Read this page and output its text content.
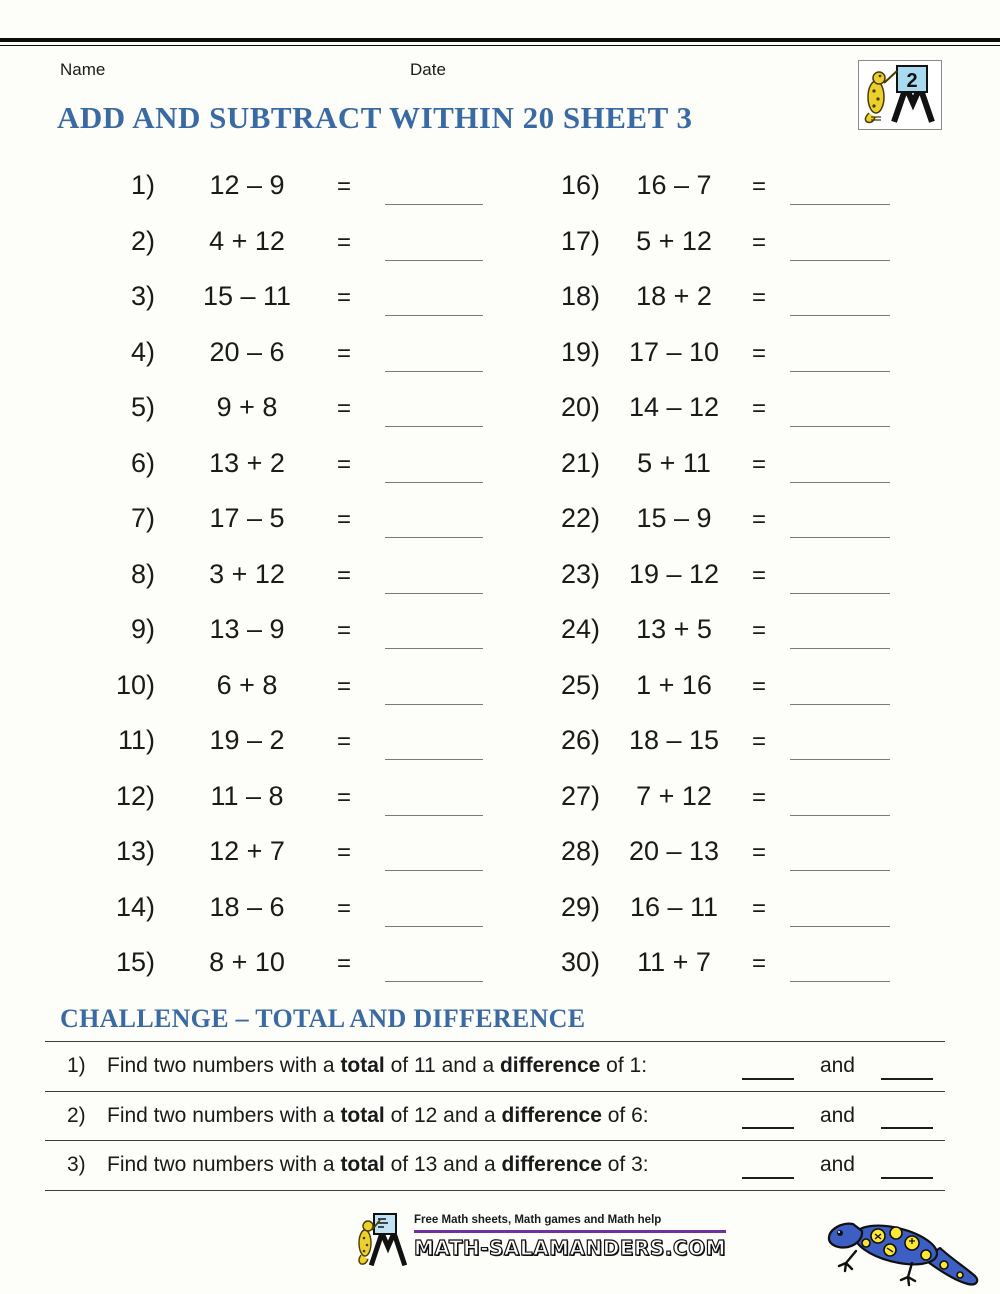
Name	Date
2
ADD AND SUBTRACT WITHIN 20 SHEET 3
1)	12 – 9	=	16)	16 – 7	=
2)	4 + 12	=	17)	5 + 12	=
3)	15 – 11	=	18)	18 + 2	=
4)	20 – 6	=	19)	17 – 10	=
5)	9 + 8	=	20)	14 – 12	=
6)	13 + 2	=	21)	5 + 11	=
7)	17 – 5	=	22)	15 – 9	=
8)	3 + 12	=	23)	19 – 12	=
9)	13 – 9	=	24)	13 + 5	=
10)	6 + 8	=	25)	1 + 16	=
11)	19 – 2	=	26)	18 – 15	=
12)	11 – 8	=	27)	7 + 12	=
13)	12 + 7	=	28)	20 – 13	=
14)	18 – 6	=	29)	16 – 11	=
15)	8 + 10	=	30)	11 + 7	=
CHALLENGE – TOTAL AND DIFFERENCE
1)	Find two numbers with a total of 11 and a difference of 1:	and
2)	Find two numbers with a total of 12 and a difference of 6:	and
3)	Find two numbers with a total of 13 and a difference of 3:	and
Free Math sheets, Math games and Math help
MATH-SALAMANDERS.COM
